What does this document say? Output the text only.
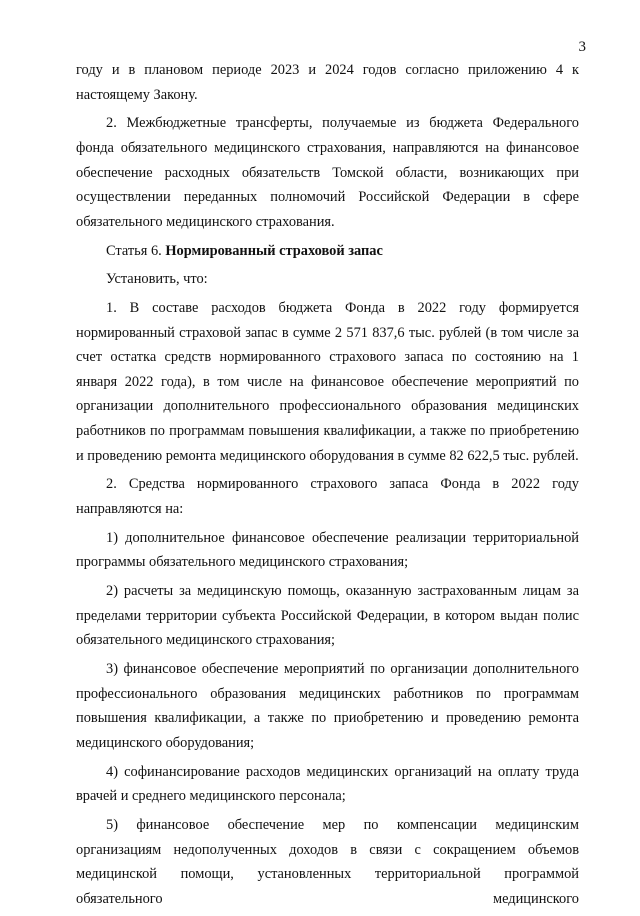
3

году и в плановом периоде 2023 и 2024 годов согласно приложению 4 к настоящему Закону.

2. Межбюджетные трансферты, получаемые из бюджета Федерального фонда обязательного медицинского страхования, направляются на финансовое обеспечение расходных обязательств Томской области, возникающих при осуществлении переданных полномочий Российской Федерации в сфере обязательного медицинского страхования.

Статья 6. Нормированный страховой запас

Установить, что:

1. В составе расходов бюджета Фонда в 2022 году формируется нормированный страховой запас в сумме 2 571 837,6 тыс. рублей (в том числе за счет остатка средств нормированного страхового запаса по состоянию на 1 января 2022 года), в том числе на финансовое обеспечение мероприятий по организации дополнительного профессионального образования медицинских работников по программам повышения квалификации, а также по приобретению и проведению ремонта медицинского оборудования в сумме 82 622,5 тыс. рублей.

2. Средства нормированного страхового запаса Фонда в 2022 году направляются на:

1) дополнительное финансовое обеспечение реализации территориальной программы обязательного медицинского страхования;

2) расчеты за медицинскую помощь, оказанную застрахованным лицам за пределами территории субъекта Российской Федерации, в котором выдан полис обязательного медицинского страхования;

3) финансовое обеспечение мероприятий по организации дополнительного профессионального образования медицинских работников по программам повышения квалификации, а также по приобретению и проведению ремонта медицинского оборудования;

4) софинансирование расходов медицинских организаций на оплату труда врачей и среднего медицинского персонала;

5) финансовое обеспечение мер по компенсации медицинским организациям недополученных доходов в связи с сокращением объемов медицинской помощи, установленных территориальной программой обязательного медицинского
